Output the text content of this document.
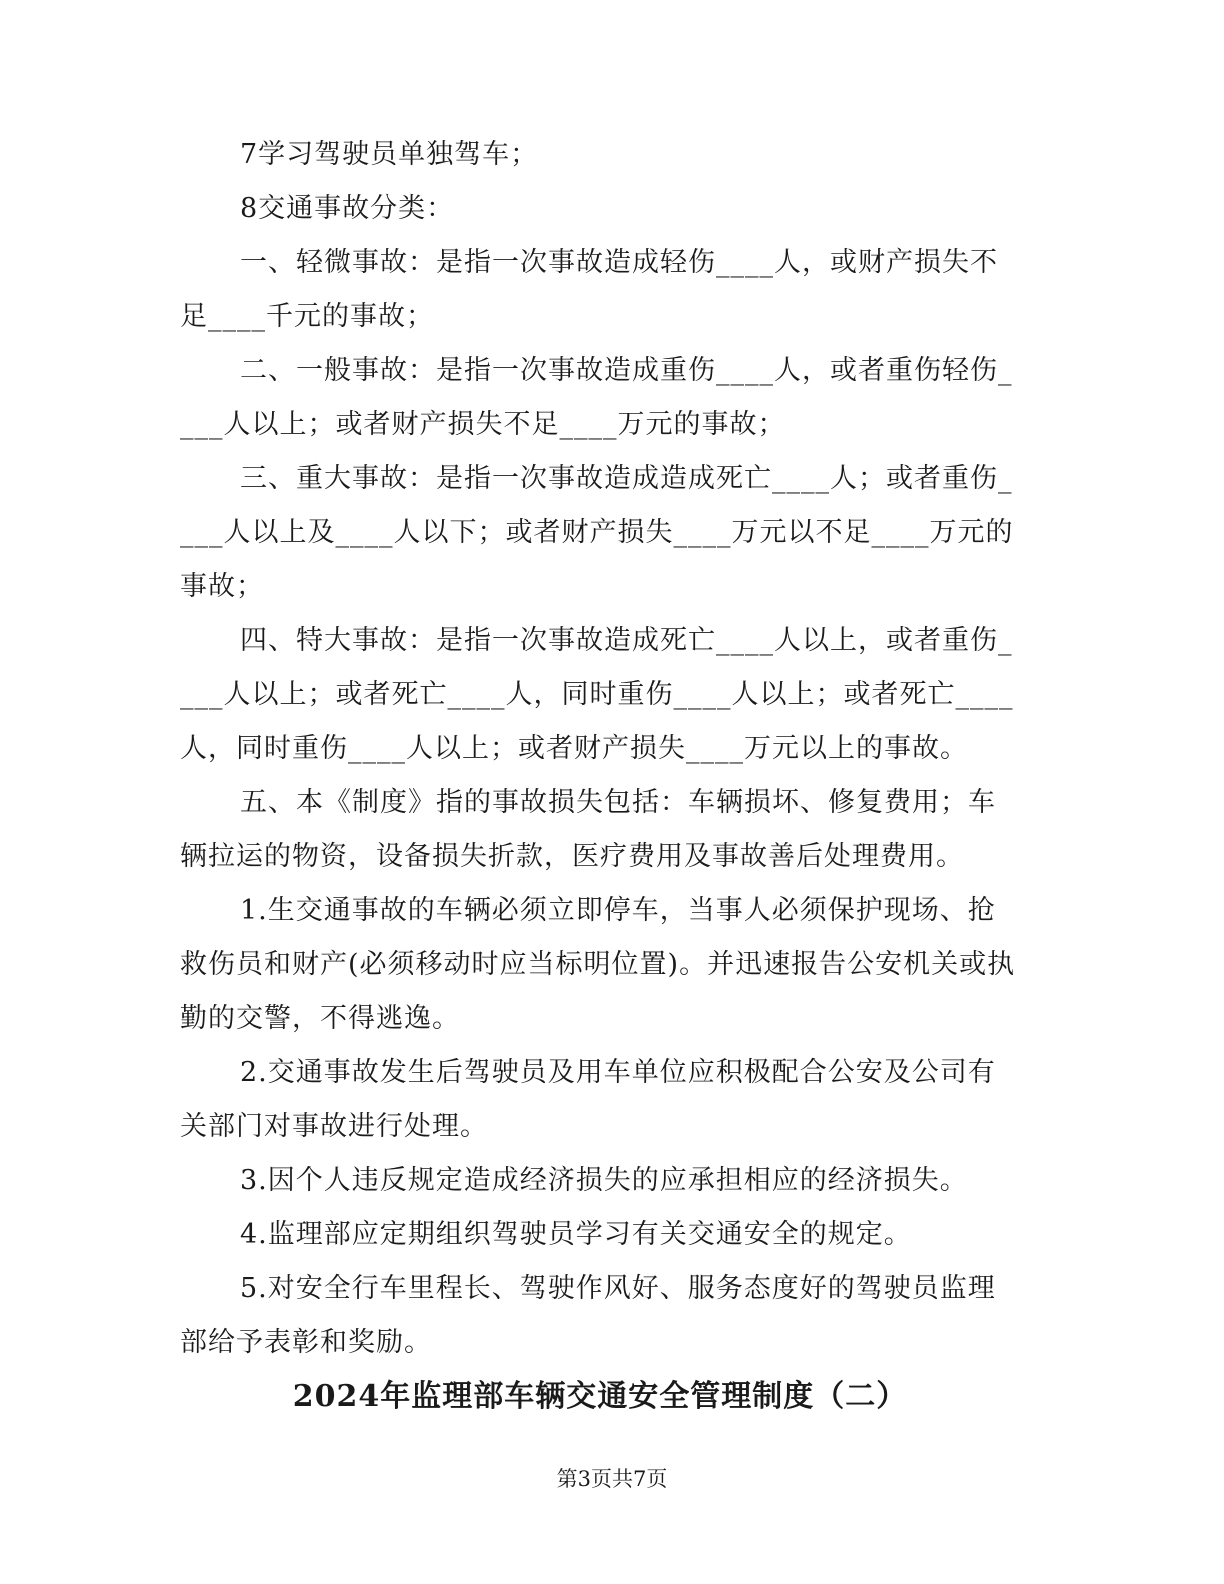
7学习驾驶员单独驾车；

8交通事故分类：

一、轻微事故：是指一次事故造成轻伤____人，或财产损失不足____千元的事故；

二、一般事故：是指一次事故造成重伤____人，或者重伤轻伤____人以上；或者财产损失不足____万元的事故；

三、重大事故：是指一次事故造成造成死亡____人；或者重伤____人以上及____人以下；或者财产损失____万元以不足____万元的事故；

四、特大事故：是指一次事故造成死亡____人以上，或者重伤____人以上；或者死亡____人，同时重伤____人以上；或者死亡____人，同时重伤____人以上；或者财产损失____万元以上的事故。

五、本《制度》指的事故损失包括：车辆损坏、修复费用；车辆拉运的物资，设备损失折款，医疗费用及事故善后处理费用。

1.生交通事故的车辆必须立即停车，当事人必须保护现场、抢救伤员和财产(必须移动时应当标明位置)。并迅速报告公安机关或执勤的交警，不得逃逸。

2.交通事故发生后驾驶员及用车单位应积极配合公安及公司有关部门对事故进行处理。

3.因个人违反规定造成经济损失的应承担相应的经济损失。

4.监理部应定期组织驾驶员学习有关交通安全的规定。

5.对安全行车里程长、驾驶作风好、服务态度好的驾驶员监理部给予表彰和奖励。

2024年监理部车辆交通安全管理制度（二）
第3页共7页
